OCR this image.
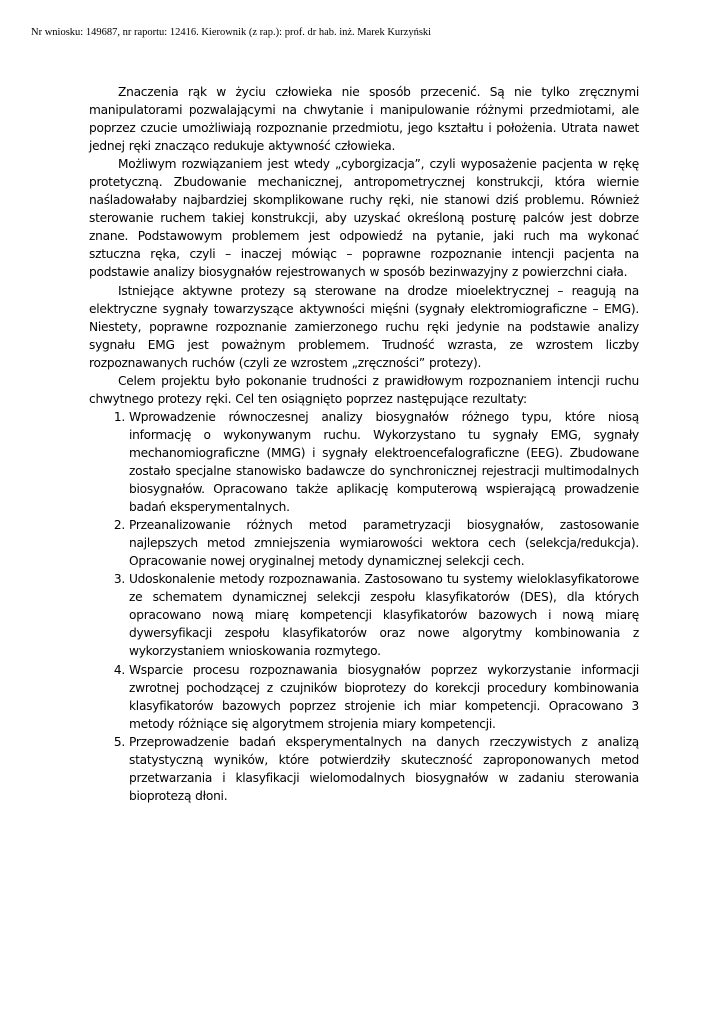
Nr wniosku: 149687, nr raportu: 12416. Kierownik (z rap.): prof. dr hab. inż. Marek Kurzyński

Znaczenia rąk w życiu człowieka nie sposób przecenić. Są nie tylko zręcznymi manipulatorami pozwalającymi na chwytanie i manipulowanie różnymi przedmiotami, ale poprzez czucie umożliwiają rozpoznanie przedmiotu, jego kształtu i położenia. Utrata nawet jednej ręki znacząco redukuje aktywność człowieka.

Możliwym rozwiązaniem jest wtedy „cyborgizacja”, czyli wyposażenie pacjenta w rękę protetyczną. Zbudowanie mechanicznej, antropometrycznej konstrukcji, która wiernie naśladowałaby najbardziej skomplikowane ruchy ręki, nie stanowi dziś problemu. Również sterowanie ruchem takiej konstrukcji, aby uzyskać określoną posturę palców jest dobrze znane. Podstawowym problemem jest odpowiedź na pytanie, jaki ruch ma wykonać sztuczna ręka, czyli – inaczej mówiąc – poprawne rozpoznanie intencji pacjenta na podstawie analizy biosygnałów rejestrowanych w sposób bezinwazyjny z powierzchni ciała.

Istniejące aktywne protezy są sterowane na drodze mioelektrycznej – reagują na elektryczne sygnały towarzyszące aktywności mięśni (sygnały elektromiograficzne – EMG). Niestety, poprawne rozpoznanie zamierzonego ruchu ręki jedynie na podstawie analizy sygnału EMG jest poważnym problemem. Trudność wzrasta, ze wzrostem liczby rozpoznawanych ruchów (czyli ze wzrostem „zręczności” protezy).

Celem projektu było pokonanie trudności z prawidłowym rozpoznaniem intencji ruchu chwytnego protezy ręki. Cel ten osiągnięto poprzez następujące rezultaty:

1. Wprowadzenie równoczesnej analizy biosygnałów różnego typu, które niosą informację o wykonywanym ruchu. Wykorzystano tu sygnały EMG, sygnały mechanomiograficzne (MMG) i sygnały elektroencefalograficzne (EEG). Zbudowane zostało specjalne stanowisko badawcze do synchronicznej rejestracji multimodalnych biosygnałów. Opracowano także aplikację komputerową wspierającą prowadzenie badań eksperymentalnych.
2. Przeanalizowanie różnych metod parametryzacji biosygnałów, zastosowanie najlepszych metod zmniejszenia wymiarowości wektora cech (selekcja/redukcja). Opracowanie nowej oryginalnej metody dynamicznej selekcji cech.
3. Udoskonalenie metody rozpoznawania. Zastosowano tu systemy wieloklasyfikatorowe ze schematem dynamicznej selekcji zespołu klasyfikatorów (DES), dla których opracowano nową miarę kompetencji klasyfikatorów bazowych i nową miarę dywersyfikacji zespołu klasyfikatorów oraz nowe algorytmy kombinowania z wykorzystaniem wnioskowania rozmytego.
4. Wsparcie procesu rozpoznawania biosygnałów poprzez wykorzystanie informacji zwrotnej pochodzącej z czujników bioprotezy do korekcji procedury kombinowania klasyfikatorów bazowych poprzez strojenie ich miar kompetencji. Opracowano 3 metody różniące się algorytmem strojenia miary kompetencji.
5. Przeprowadzenie badań eksperymentalnych na danych rzeczywistych z analizą statystyczną wyników, które potwierdziły skuteczność zaproponowanych metod przetwarzania i klasyfikacji wielomodalnych biosygnałów w zadaniu sterowania bioprotezą dłoni.
